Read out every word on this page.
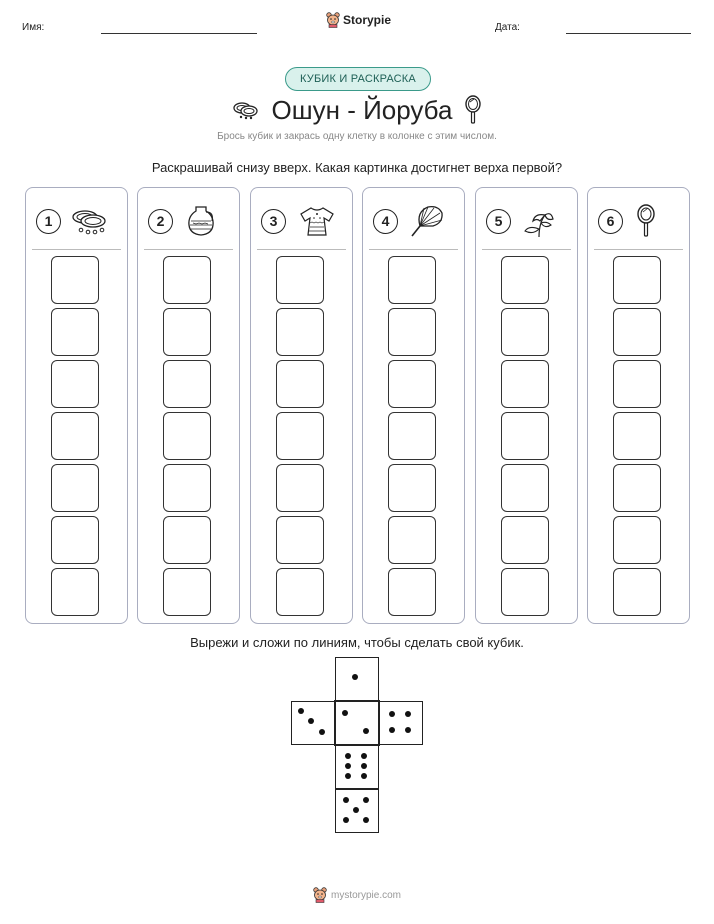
Имя:
Storypie
Дата:
КУБИК И РАСКРАСКА
Ошун - Йоруба
Брось кубик и закрась одну клетку в колонке с этим числом.
Раскрашивай снизу вверх. Какая картинка достигнет верха первой?
1	2	3	4	5	6
Вырежи и сложи по линиям, чтобы сделать свой кубик.
mystorypie.com
